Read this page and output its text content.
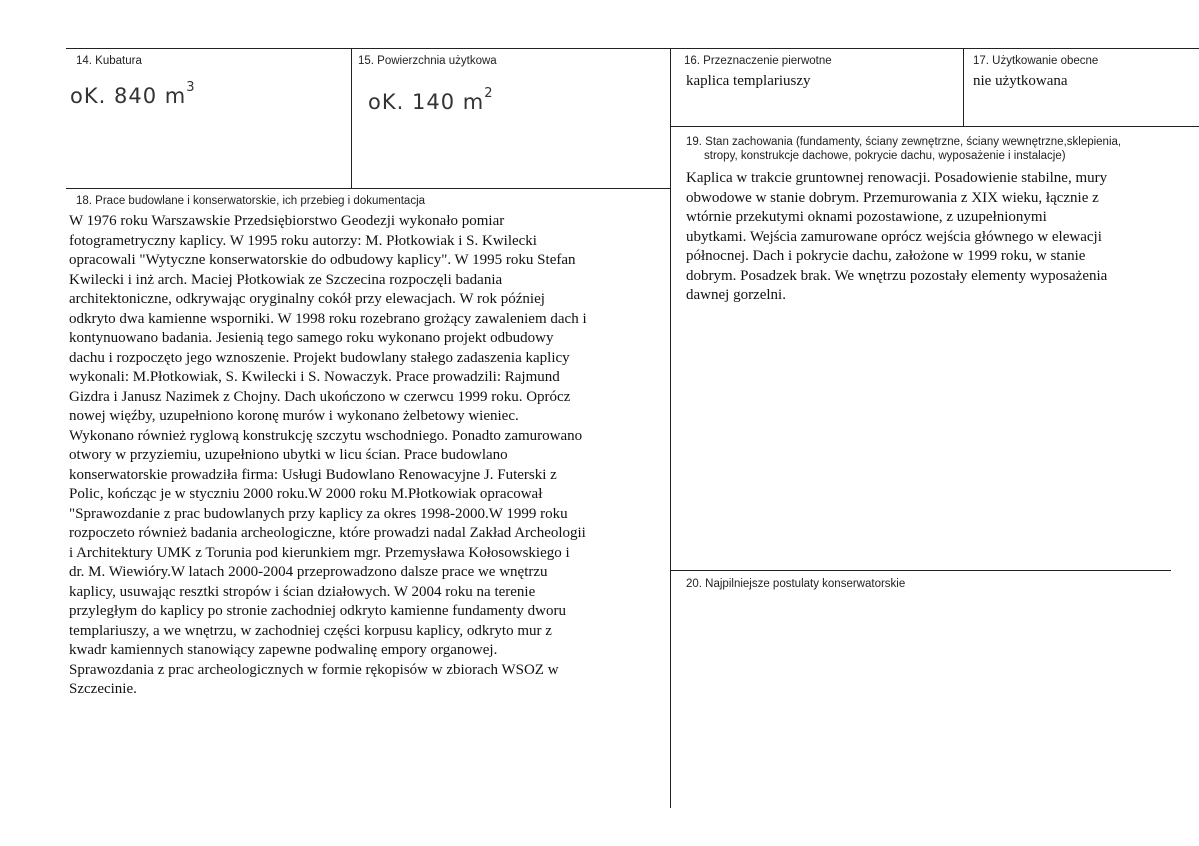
14. Kubatura
oK. 840 $m^3$
15. Powierzchnia użytkowa
oK. 140 $m^2$
16. Przeznaczenie pierwotne
kaplica templariuszy
17. Użytkowanie obecne
nie użytkowana
19. Stan zachowania (fundamenty, ściany zewnętrzne, ściany wewnętrzne,sklepienia,
stropy, konstrukcje dachowe, pokrycie dachu, wyposażenie i instalacje)
Kaplica w trakcie gruntownej renowacji. Posadowienie stabilne, mury
obwodowe w stanie dobrym. Przemurowania z XIX wieku, łącznie z
wtórnie przekutymi oknami pozostawione, z uzupełnionymi
ubytkami. Wejścia zamurowane oprócz wejścia głównego w elewacji
północnej. Dach i pokrycie dachu, założone w 1999 roku, w stanie
dobrym. Posadzek brak. We wnętrzu pozostały elementy wyposażenia
dawnej gorzelni.
18. Prace budowlane i konserwatorskie, ich przebieg i dokumentacja
W 1976 roku Warszawskie Przedsiębiorstwo Geodezji wykonało pomiar
fotogrametryczny kaplicy. W 1995 roku autorzy: M. Płotkowiak i S. Kwilecki
opracowali "Wytyczne konserwatorskie do odbudowy kaplicy". W 1995 roku Stefan
Kwilecki i inż arch. Maciej Płotkowiak ze Szczecina rozpoczęli badania
architektoniczne, odkrywając oryginalny cokół przy elewacjach. W rok później
odkryto dwa kamienne wsporniki. W 1998 roku rozebrano grożący zawaleniem dach i
kontynuowano badania. Jesienią tego samego roku wykonano projekt odbudowy
dachu i rozpoczęto jego wznoszenie. Projekt budowlany stałego zadaszenia kaplicy
wykonali: M.Płotkowiak, S. Kwilecki i S. Nowaczyk. Prace prowadzili: Rajmund
Gizdra i Janusz Nazimek z Chojny. Dach ukończono w czerwcu 1999 roku. Oprócz
nowej więźby, uzupełniono koronę murów i wykonano żelbetowy wieniec.
Wykonano również ryglową konstrukcję szczytu wschodniego. Ponadto zamurowano
otwory w przyziemiu, uzupełniono ubytki w licu ścian. Prace budowlano
konserwatorskie prowadziła firma: Usługi Budowlano Renowacyjne J. Futerski z
Polic, kończąc je w styczniu 2000 roku.W 2000 roku M.Płotkowiak opracował
"Sprawozdanie z prac budowlanych przy kaplicy za okres 1998-2000.W 1999 roku
rozpoczeto również badania archeologiczne, które prowadzi nadal Zakład Archeologii
i Architektury UMK z Torunia pod kierunkiem mgr. Przemysława Kołosowskiego i
dr. M. Wiewióry.W latach 2000-2004 przeprowadzono dalsze prace we wnętrzu
kaplicy, usuwając resztki stropów i ścian działowych. W 2004 roku na terenie
przyległym do kaplicy po stronie zachodniej odkryto kamienne fundamenty dworu
templariuszy, a we wnętrzu, w zachodniej części korpusu kaplicy, odkryto mur z
kwadr kamiennych stanowiący zapewne podwalinę empory organowej.
Sprawozdania z prac archeologicznych w formie rękopisów w zbiorach WSOZ w
Szczecinie.
20. Najpilniejsze postulaty konserwatorskie
